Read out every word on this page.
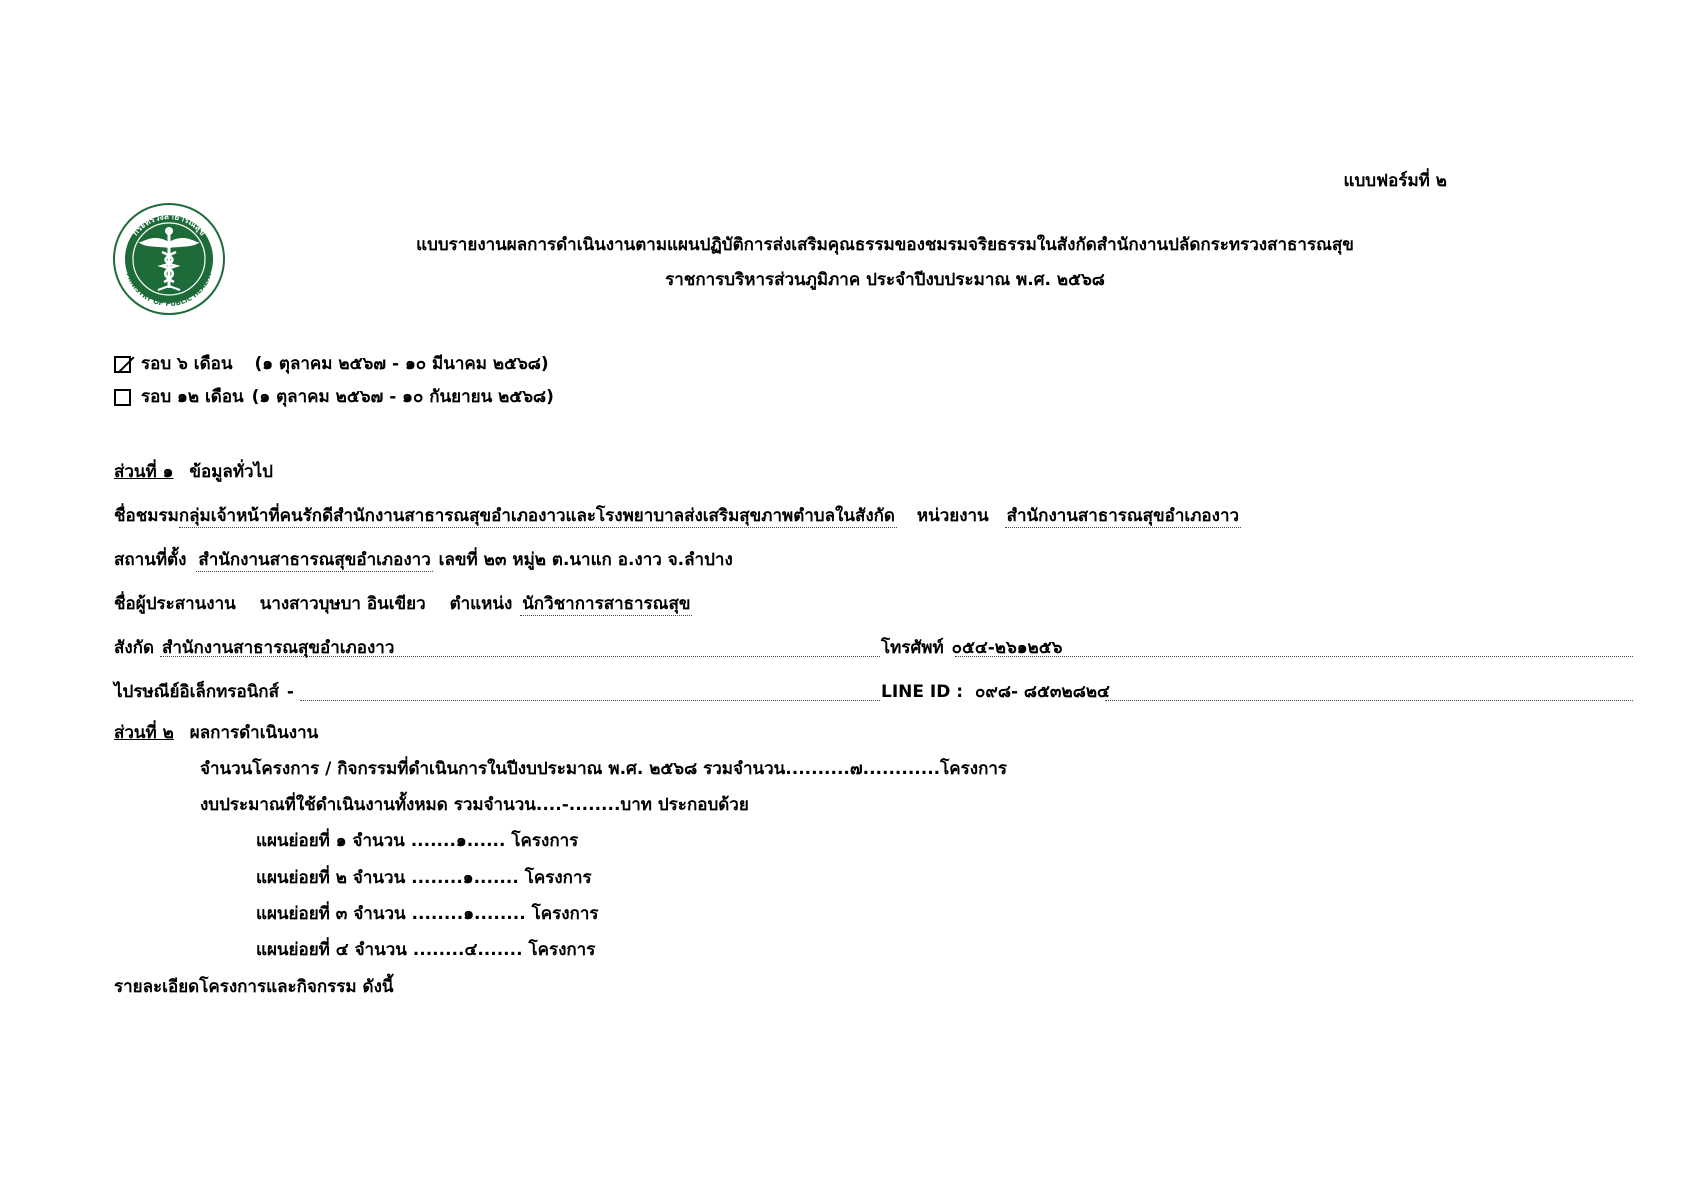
แบบฟอร์มที่ ๒
กระทรวงสาธารณสุข
MINISTRY OF PUBLIC HEALTH
แบบรายงานผลการดำเนินงานตามแผนปฏิบัติการส่งเสริมคุณธรรมของชมรมจริยธรรมในสังกัดสำนักงานปลัดกระทรวงสาธารณสุข
ราชการบริหารส่วนภูมิภาค ประจำปีงบประมาณ พ.ศ. ๒๕๖๘
รอบ ๖ เดือน (๑ ตุลาคม ๒๕๖๗ - ๑๐ มีนาคม ๒๕๖๘)
รอบ ๑๒ เดือน (๑ ตุลาคม ๒๕๖๗ - ๑๐ กันยายน ๒๕๖๘)
ส่วนที่ ๑ ข้อมูลทั่วไป
ชื่อชมรมกลุ่มเจ้าหน้าที่คนรักดีสำนักงานสาธารณสุขอำเภองาวและโรงพยาบาลส่งเสริมสุขภาพตำบลในสังกัด หน่วยงาน สำนักงานสาธารณสุขอำเภองาว
สถานที่ตั้ง สำนักงานสาธารณสุขอำเภองาว เลขที่ ๒๓ หมู่๒ ต.นาแก อ.งาว จ.ลำปาง
ชื่อผู้ประสานงาน นางสาวบุษบา อินเขียว ตำแหน่ง นักวิชาการสาธารณสุข
สังกัด สำนักงานสาธารณสุขอำเภองาว	โทรศัพท์ ๐๕๔-๒๖๑๒๕๖
ไปรษณีย์อิเล็กทรอนิกส์ -	LINE ID : ๐๙๘- ๘๕๓๒๘๒๔
ส่วนที่ ๒ ผลการดำเนินงาน
จำนวนโครงการ / กิจกรรมที่ดำเนินการในปีงบประมาณ พ.ศ. ๒๕๖๘ รวมจำนวน..........๗............โครงการ
งบประมาณที่ใช้ดำเนินงานทั้งหมด รวมจำนวน....-........บาท ประกอบด้วย
แผนย่อยที่ ๑ จำนวน .......๑...... โครงการ
แผนย่อยที่ ๒ จำนวน ........๑....... โครงการ
แผนย่อยที่ ๓ จำนวน ........๑........ โครงการ
แผนย่อยที่ ๔ จำนวน ........๔....... โครงการ
รายละเอียดโครงการและกิจกรรม ดังนี้
